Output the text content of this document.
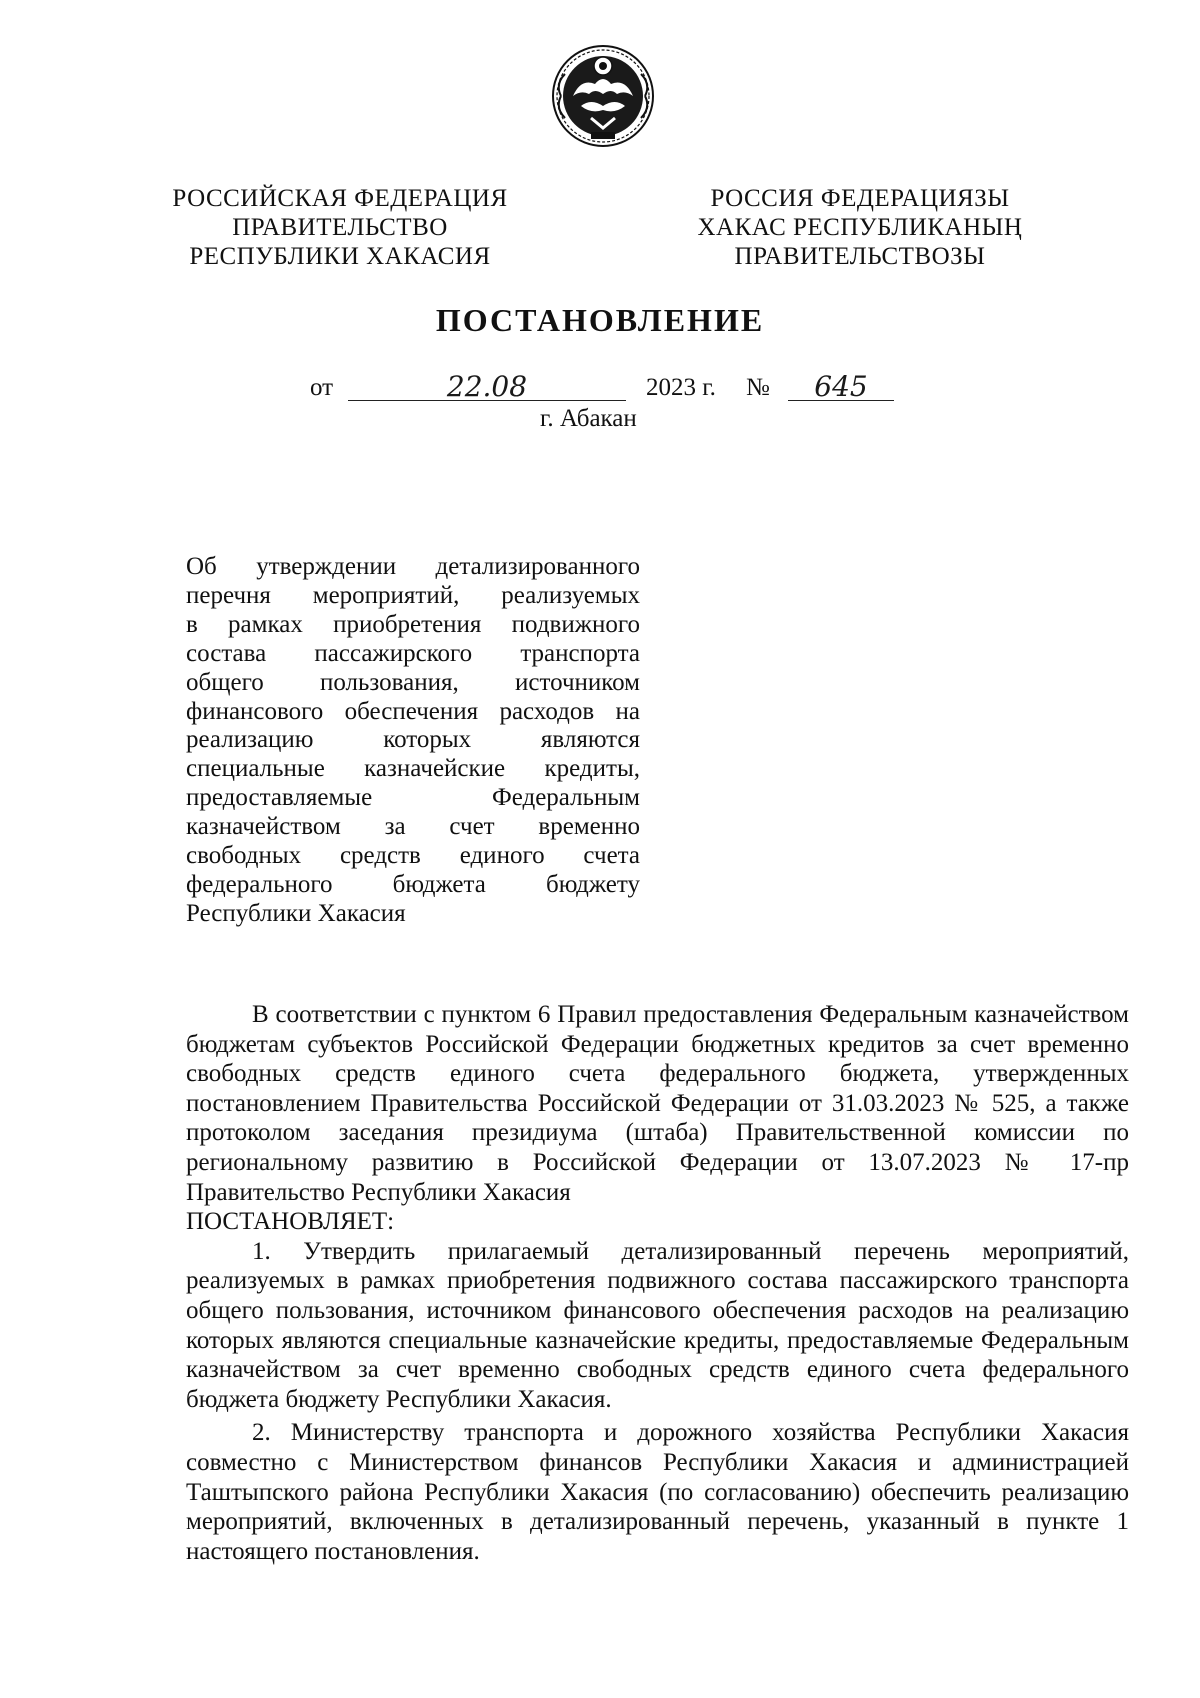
РОССИЙСКАЯ ФЕДЕРАЦИЯ
ПРАВИТЕЛЬСТВО
РЕСПУБЛИКИ ХАКАСИЯ
РОССИЯ ФЕДЕРАЦИЯЗЫ
ХАКАС РЕСПУБЛИКАНЫҢ
ПРАВИТЕЛЬСТВОЗЫ
ПОСТАНОВЛЕНИЕ
от	22.08	2023 г. №	645
г. Абакан
Об утверждении детализированного
перечня мероприятий, реализуемых
в рамках приобретения подвижного
состава пассажирского транспорта
общего пользования, источником
финансового обеспечения расходов на
реализацию которых являются
специальные казначейские кредиты,
предоставляемые Федеральным
казначейством за счет временно
свободных средств единого счета
федерального бюджета бюджету
Республики Хакасия

В соответствии с пунктом 6 Правил предоставления Федеральным казначейством бюджетам субъектов Российской Федерации бюджетных кредитов за счет временно свободных средств единого счета федерального бюджета, утвержденных постановлением Правительства Российской Федерации от 31.03.2023 № 525, а также протоколом заседания президиума (штаба) Правительственной комиссии по региональному развитию в Российской Федерации от 13.07.2023 № 17-пр Правительство Республики Хакасия

ПОСТАНОВЛЯЕТ:

1. Утвердить прилагаемый детализированный перечень мероприятий, реализуемых в рамках приобретения подвижного состава пассажирского транспорта общего пользования, источником финансового обеспечения расходов на реализацию которых являются специальные казначейские кредиты, предоставляемые Федеральным казначейством за счет временно свободных средств единого счета федерального бюджета бюджету Республики Хакасия.

2. Министерству транспорта и дорожного хозяйства Республики Хакасия совместно с Министерством финансов Республики Хакасия и администрацией Таштыпского района Республики Хакасия (по согласованию) обеспечить реализацию мероприятий, включенных в детализированный перечень, указанный в пункте 1 настоящего постановления.
